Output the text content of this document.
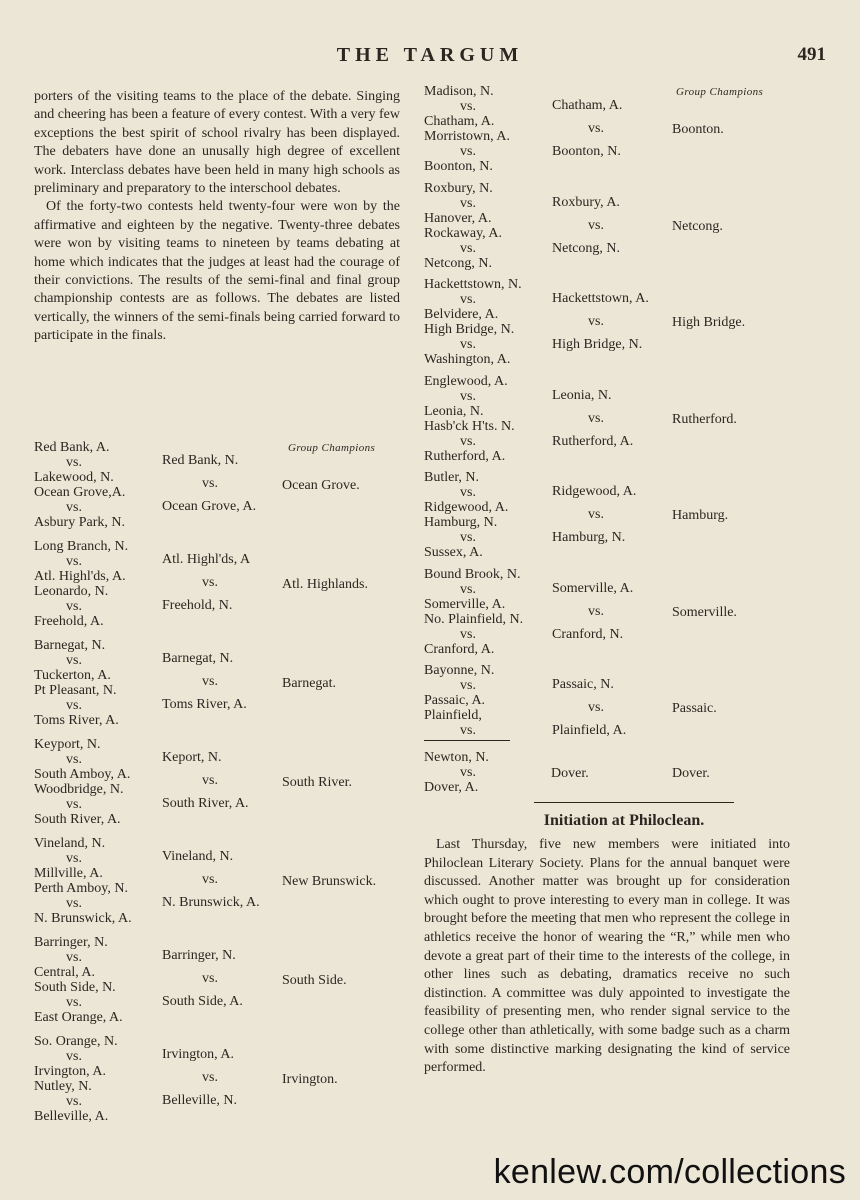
THE TARGUM	491

porters of the visiting teams to the place of the debate. Singing and cheering has been a feature of every contest. With a very few exceptions the best spirit of school rivalry has been displayed. The debaters have done an unusally high degree of excellent work. Interclass debates have been held in many high schools as preliminary and preparatory to the interschool debates.

Of the forty-two contests held twenty-four were won by the affirmative and eighteen by the negative. Twenty-three debates were won by visiting teams to nineteen by teams debating at home which indicates that the judges at least had the courage of their convictions. The results of the semi-final and final group championship contests are as follows. The debates are listed vertically, the winners of the semi-finals being carried forward to participate in the finals.

Group Champions
Red Bank, A.
vs.
Lakewood, N.
Ocean Grove,A.
vs.
Asbury Park, N.
Red Bank, N.
vs.
Ocean Grove, A.
Ocean Grove.
Long Branch, N.
vs.
Atl. Highl'ds, A.
Leonardo, N.
vs.
Freehold, A.
Atl. Highl'ds, A
vs.
Freehold, N.
Atl. Highlands.
Barnegat, N.
vs.
Tuckerton, A.
Pt Pleasant, N.
vs.
Toms River, A.
Barnegat, N.
vs.
Toms River, A.
Barnegat.
Keyport, N.
vs.
South Amboy, A.
Woodbridge, N.
vs.
South River, A.
Keport, N.
vs.
South River, A.
South River.
Vineland, N.
vs.
Millville, A.
Perth Amboy, N.
vs.
N. Brunswick, A.
Vineland, N.
vs.
N. Brunswick, A.
New Brunswick.
Barringer, N.
vs.
Central, A.
South Side, N.
vs.
East Orange, A.
Barringer, N.
vs.
South Side, A.
South Side.
So. Orange, N.
vs.
Irvington, A.
Nutley, N.
vs.
Belleville, A.
Irvington, A.
vs.
Belleville, N.
Irvington.
Group Champions
Madison, N.
vs.
Chatham, A.
Morristown, A.
vs.
Boonton, N.
Chatham, A.
vs.
Boonton, N.
Boonton.
Roxbury, N.
vs.
Hanover, A.
Rockaway, A.
vs.
Netcong, N.
Roxbury, A.
vs.
Netcong, N.
Netcong.
Hackettstown, N.
vs.
Belvidere, A.
High Bridge, N.
vs.
Washington, A.
Hackettstown, A.
vs.
High Bridge, N.
High Bridge.
Englewood, A.
vs.
Leonia, N.
Hasb'ck H'ts. N.
vs.
Rutherford, A.
Leonia, N.
vs.
Rutherford, A.
Rutherford.
Butler, N.
vs.
Ridgewood, A.
Hamburg, N.
vs.
Sussex, A.
Ridgewood, A.
vs.
Hamburg, N.
Hamburg.
Bound Brook, N.
vs.
Somerville, A.
No. Plainfield, N.
vs.
Cranford, A.
Somerville, A.
vs.
Cranford, N.
Somerville.
Bayonne, N.
vs.
Passaic, A.
Plainfield,
vs.
Passaic, N.
vs.
Plainfield, A.
Passaic.
Newton, N.
vs.
Dover, A.
Dover.	Dover.
Initiation at Philoclean.

Last Thursday, five new members were initiated into Philoclean Literary Society. Plans for the annual banquet were discussed. Another matter was brought up for consideration which ought to prove interesting to every man in college. It was brought before the meeting that men who represent the college in athletics receive the honor of wearing the “R,” while men who devote a great part of their time to the interests of the college, in other lines such as debating, dramatics receive no such distinction. A committee was duly appointed to investigate the feasibility of presenting men, who render signal service to the college other than athletically, with some badge such as a charm with some distinctive marking designating the kind of service performed.

kenlew.com/collections
